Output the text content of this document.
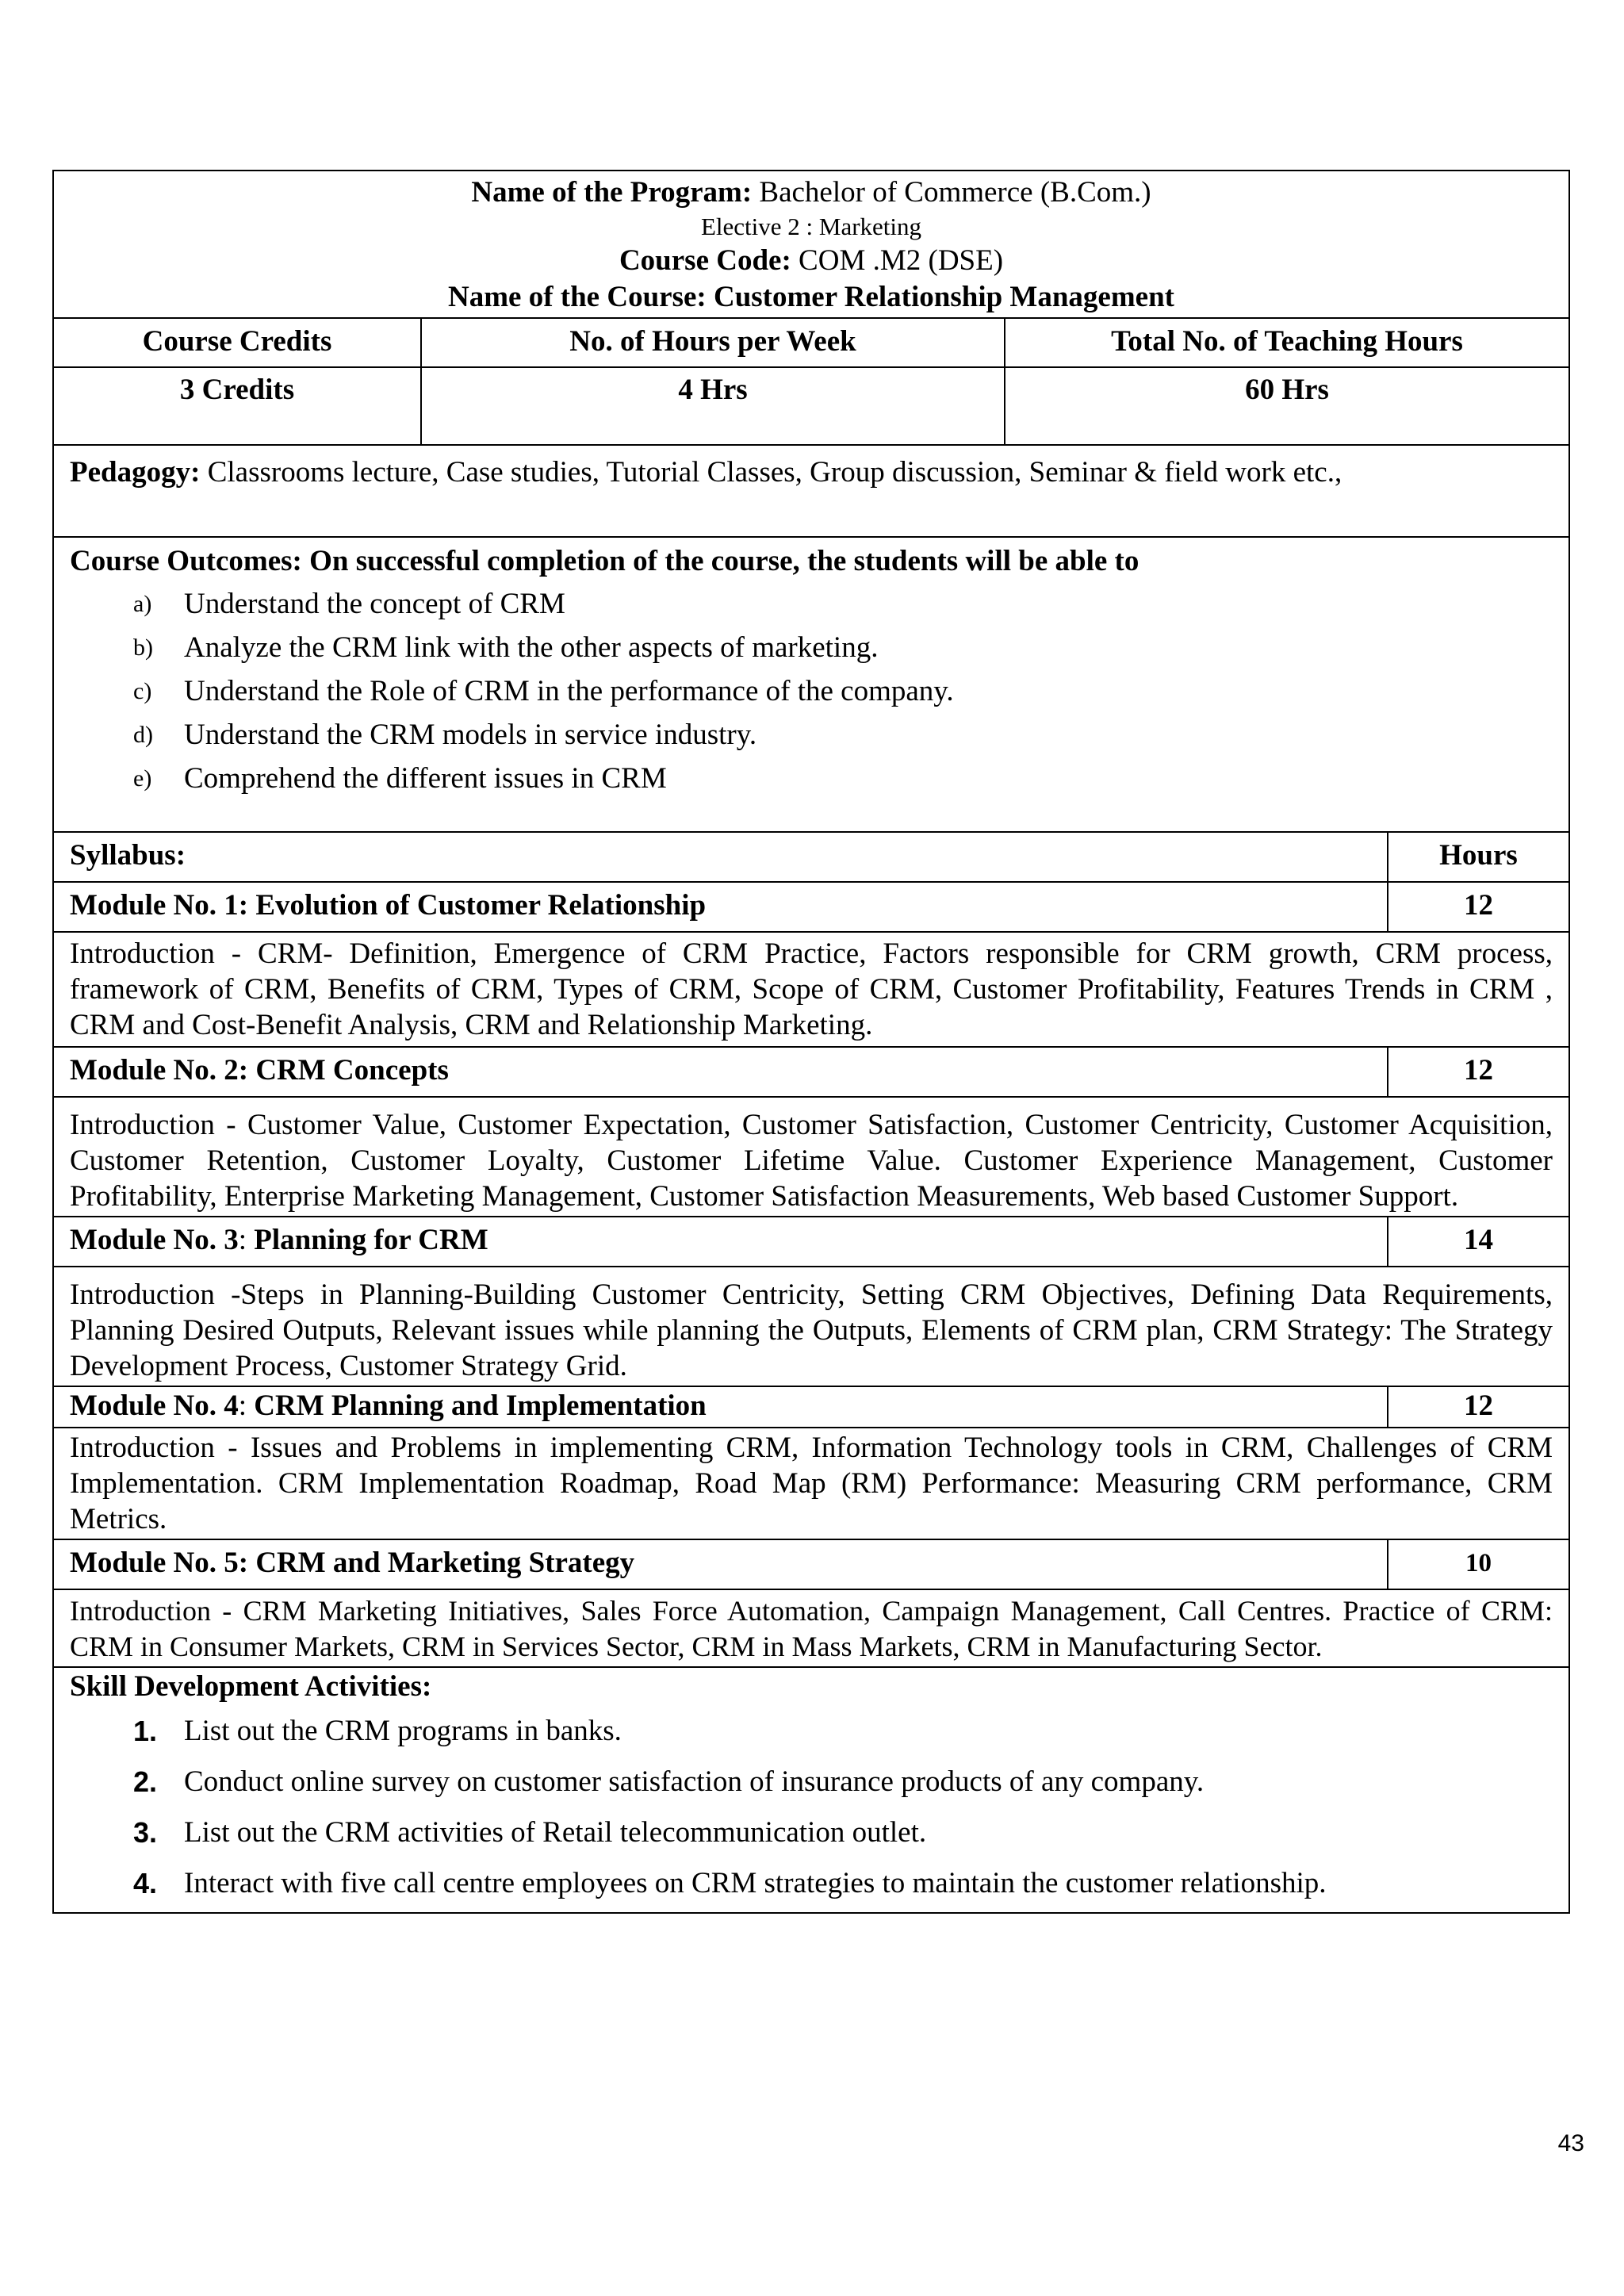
Name of the Program: Bachelor of Commerce (B.Com.)
Elective 2 : Marketing
Course Code: COM .M2 (DSE)
Name of the Course: Customer Relationship Management
Course Credits	No. of Hours per Week	Total No. of Teaching Hours
3 Credits	4 Hrs	60 Hrs
Pedagogy: Classrooms lecture, Case studies, Tutorial Classes, Group discussion, Seminar & field work etc.,
Course Outcomes: On successful completion of the course, the students will be able to
a)	Understand the concept of CRM
b)	Analyze the CRM link with the other aspects of marketing.
c)	Understand the Role of CRM in the performance of the company.
d)	Understand the CRM models in service industry.
e)	Comprehend the different issues in CRM
Syllabus:	Hours
Module No. 1: Evolution of Customer Relationship	12
Introduction - CRM- Definition, Emergence of CRM Practice, Factors responsible for CRM growth, CRM process, framework of CRM, Benefits of CRM, Types of CRM, Scope of CRM, Customer Profitability, Features Trends in CRM , CRM and Cost-Benefit Analysis, CRM and Relationship Marketing.
Module No. 2: CRM Concepts	12
Introduction - Customer Value, Customer Expectation, Customer Satisfaction, Customer Centricity, Customer Acquisition, Customer Retention, Customer Loyalty, Customer Lifetime Value. Customer Experience Management, Customer Profitability, Enterprise Marketing Management, Customer Satisfaction Measurements, Web based Customer Support.
Module No. 3: Planning for CRM	14
Introduction -Steps in Planning-Building Customer Centricity, Setting CRM Objectives, Defining Data Requirements, Planning Desired Outputs, Relevant issues while planning the Outputs, Elements of CRM plan, CRM Strategy: The Strategy Development Process, Customer Strategy Grid.
Module No. 4: CRM Planning and Implementation	12
Introduction - Issues and Problems in implementing CRM, Information Technology tools in CRM, Challenges of CRM Implementation. CRM Implementation Roadmap, Road Map (RM) Performance: Measuring CRM performance, CRM Metrics.
Module No. 5: CRM and Marketing Strategy	10
Introduction - CRM Marketing Initiatives, Sales Force Automation, Campaign Management, Call Centres. Practice of CRM: CRM in Consumer Markets, CRM in Services Sector, CRM in Mass Markets, CRM in Manufacturing Sector.
Skill Development Activities:
1. List out the CRM programs in banks.
2. Conduct online survey on customer satisfaction of insurance products of any company.
3. List out the CRM activities of Retail telecommunication outlet.
4. Interact with five call centre employees on CRM strategies to maintain the customer relationship.
43
